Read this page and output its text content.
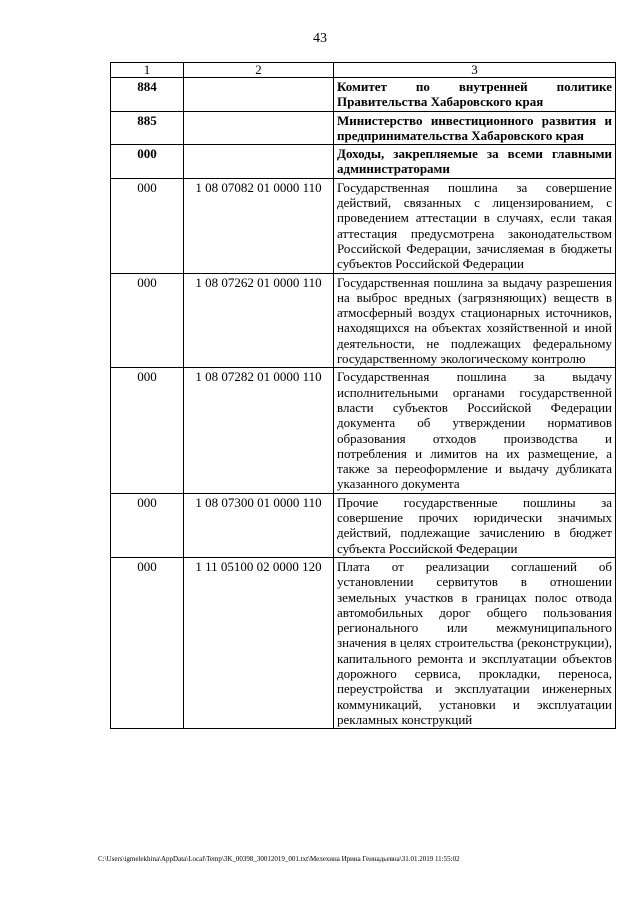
43
1	2	3
884		Комитет по внутренней политике Правительства Хабаровского края
885		Министерство инвестиционного развития и предпринимательства Хабаровского края
000		Доходы, закрепляемые за всеми главными администраторами
000	1 08 07082 01 0000 110	Государственная пошлина за совершение действий, связанных с лицензированием, с проведением аттестации в случаях, если такая аттестация предусмотрена законодательством Российской Федерации, зачисляемая в бюджеты субъектов Российской Федерации
000	1 08 07262 01 0000 110	Государственная пошлина за выдачу разрешения на выброс вредных (загрязняющих) веществ в атмосферный воздух стационарных источников, находящихся на объектах хозяйственной и иной деятельности, не подлежащих федеральному государственному экологическому контролю
000	1 08 07282 01 0000 110	Государственная пошлина за выдачу исполнительными органами государственной власти субъектов Российской Федерации документа об утверждении нормативов образования отходов производства и потребления и лимитов на их размещение, а также за переоформление и выдачу дубликата указанного документа
000	1 08 07300 01 0000 110	Прочие государственные пошлины за совершение прочих юридически значимых действий, подлежащие зачислению в бюджет субъекта Российской Федерации
000	1 11 05100 02 0000 120	Плата от реализации соглашений об установлении сервитутов в отношении земельных участков в границах полос отвода автомобильных дорог общего пользования регионального или межмуниципального значения в целях строительства (реконструкции), капитального ремонта и эксплуатации объектов дорожного сервиса, прокладки, переноса, переустройства и эксплуатации инженерных коммуникаций, установки и эксплуатации рекламных конструкций
C:\Users\igmelekhina\AppData\Local\Temp\3K_00398_30012019_001.txt\Мелехина Ирина Геннадьевна\31.01.2019 11:55:02
